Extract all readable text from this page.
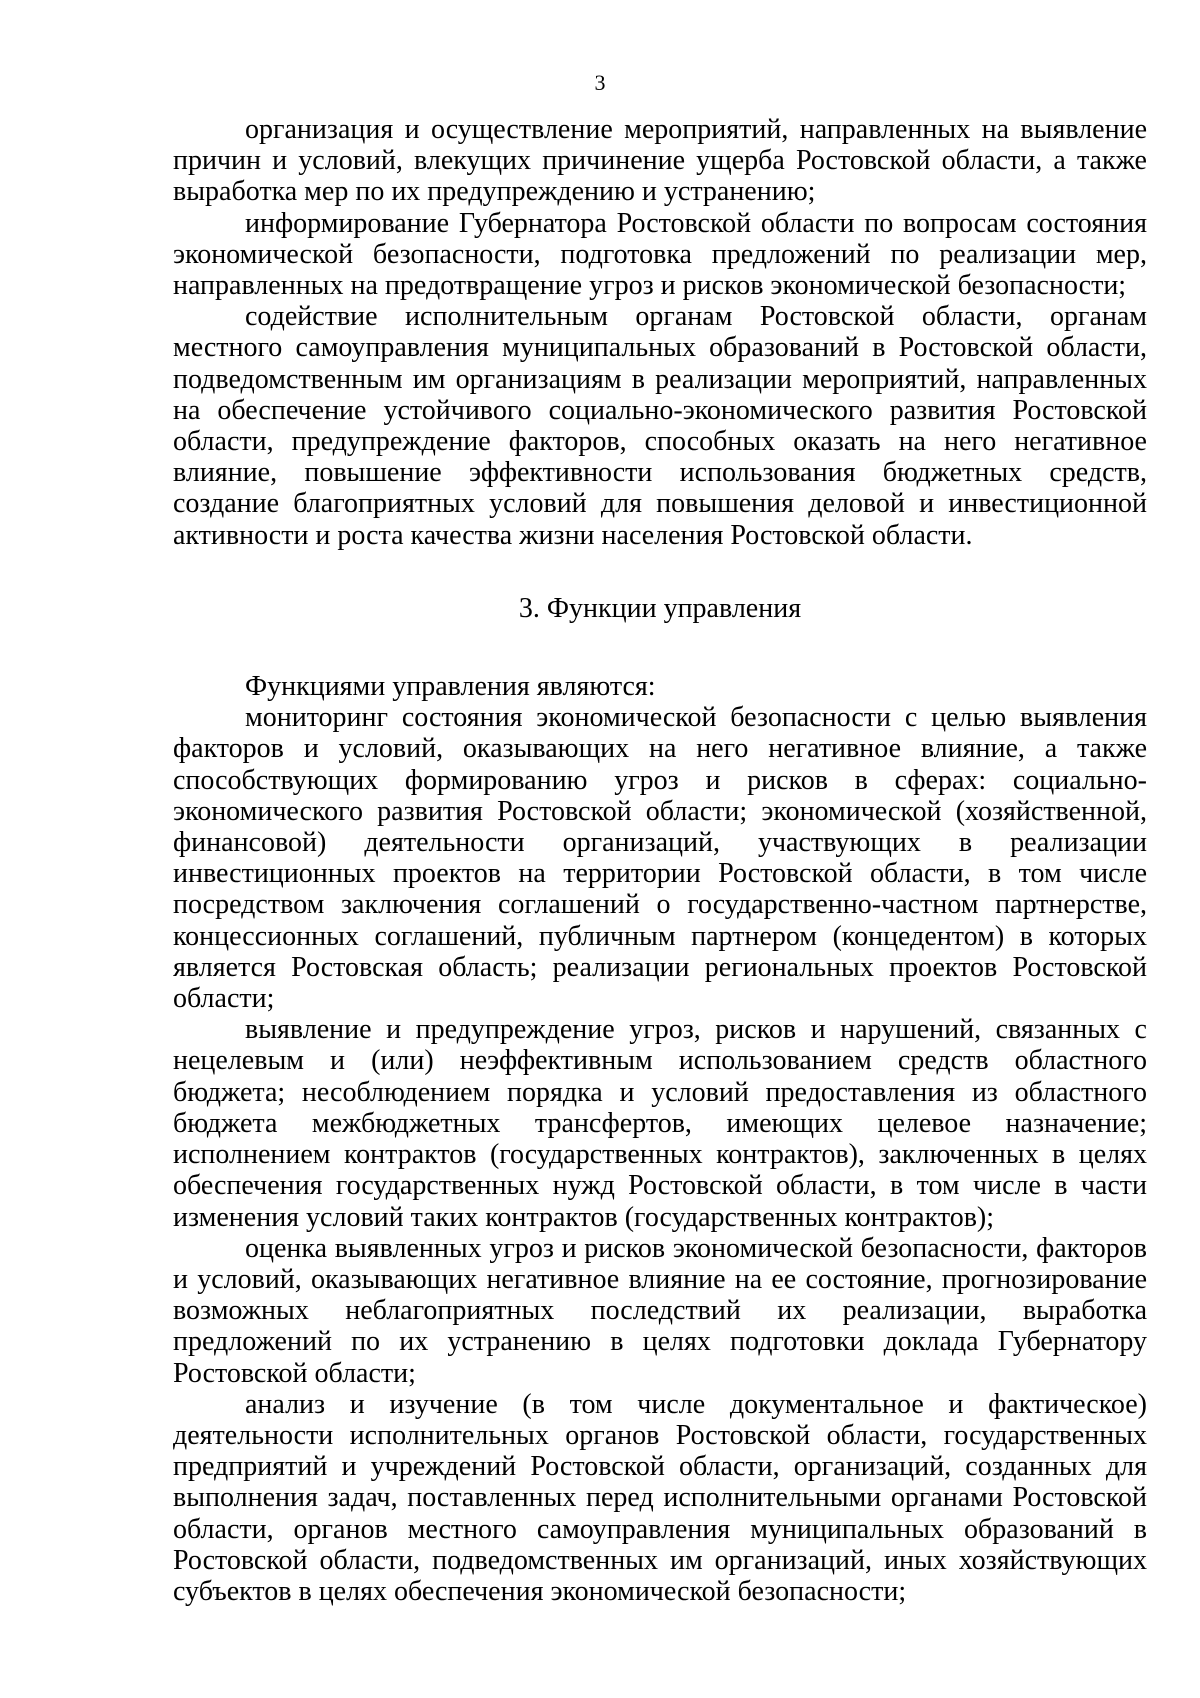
3

организация и осуществление мероприятий, направленных на выявление причин и условий, влекущих причинение ущерба Ростовской области, а также выработка мер по их предупреждению и устранению;

информирование Губернатора Ростовской области по вопросам состояния экономической безопасности, подготовка предложений по реализации мер, направленных на предотвращение угроз и рисков экономической безопасности;

содействие исполнительным органам Ростовской области, органам местного самоуправления муниципальных образований в Ростовской области, подведомственным им организациям в реализации мероприятий, направленных на обеспечение устойчивого социально-экономического развития Ростовской области, предупреждение факторов, способных оказать на него негативное влияние, повышение эффективности использования бюджетных средств, создание благоприятных условий для повышения деловой и инвестиционной активности и роста качества жизни населения Ростовской области.

3. Функции управления

Функциями управления являются:

мониторинг состояния экономической безопасности с целью выявления факторов и условий, оказывающих на него негативное влияние, а также способствующих формированию угроз и рисков в сферах: социально-экономического развития Ростовской области; экономической (хозяйственной, финансовой) деятельности организаций, участвующих в реализации инвестиционных проектов на территории Ростовской области, в том числе посредством заключения соглашений о государственно-частном партнерстве, концессионных соглашений, публичным партнером (концедентом) в которых является Ростовская область; реализации региональных проектов Ростовской области;

выявление и предупреждение угроз, рисков и нарушений, связанных с нецелевым и (или) неэффективным использованием средств областного бюджета; несоблюдением порядка и условий предоставления из областного бюджета межбюджетных трансфертов, имеющих целевое назначение; исполнением контрактов (государственных контрактов), заключенных в целях обеспечения государственных нужд Ростовской области, в том числе в части изменения условий таких контрактов (государственных контрактов);

оценка выявленных угроз и рисков экономической безопасности, факторов и условий, оказывающих негативное влияние на ее состояние, прогнозирование возможных неблагоприятных последствий их реализации, выработка предложений по их устранению в целях подготовки доклада Губернатору Ростовской области;

анализ и изучение (в том числе документальное и фактическое) деятельности исполнительных органов Ростовской области, государственных предприятий и учреждений Ростовской области, организаций, созданных для выполнения задач, поставленных перед исполнительными органами Ростовской области, органов местного самоуправления муниципальных образований в Ростовской области, подведомственных им организаций, иных хозяйствующих субъектов в целях обеспечения экономической безопасности;
